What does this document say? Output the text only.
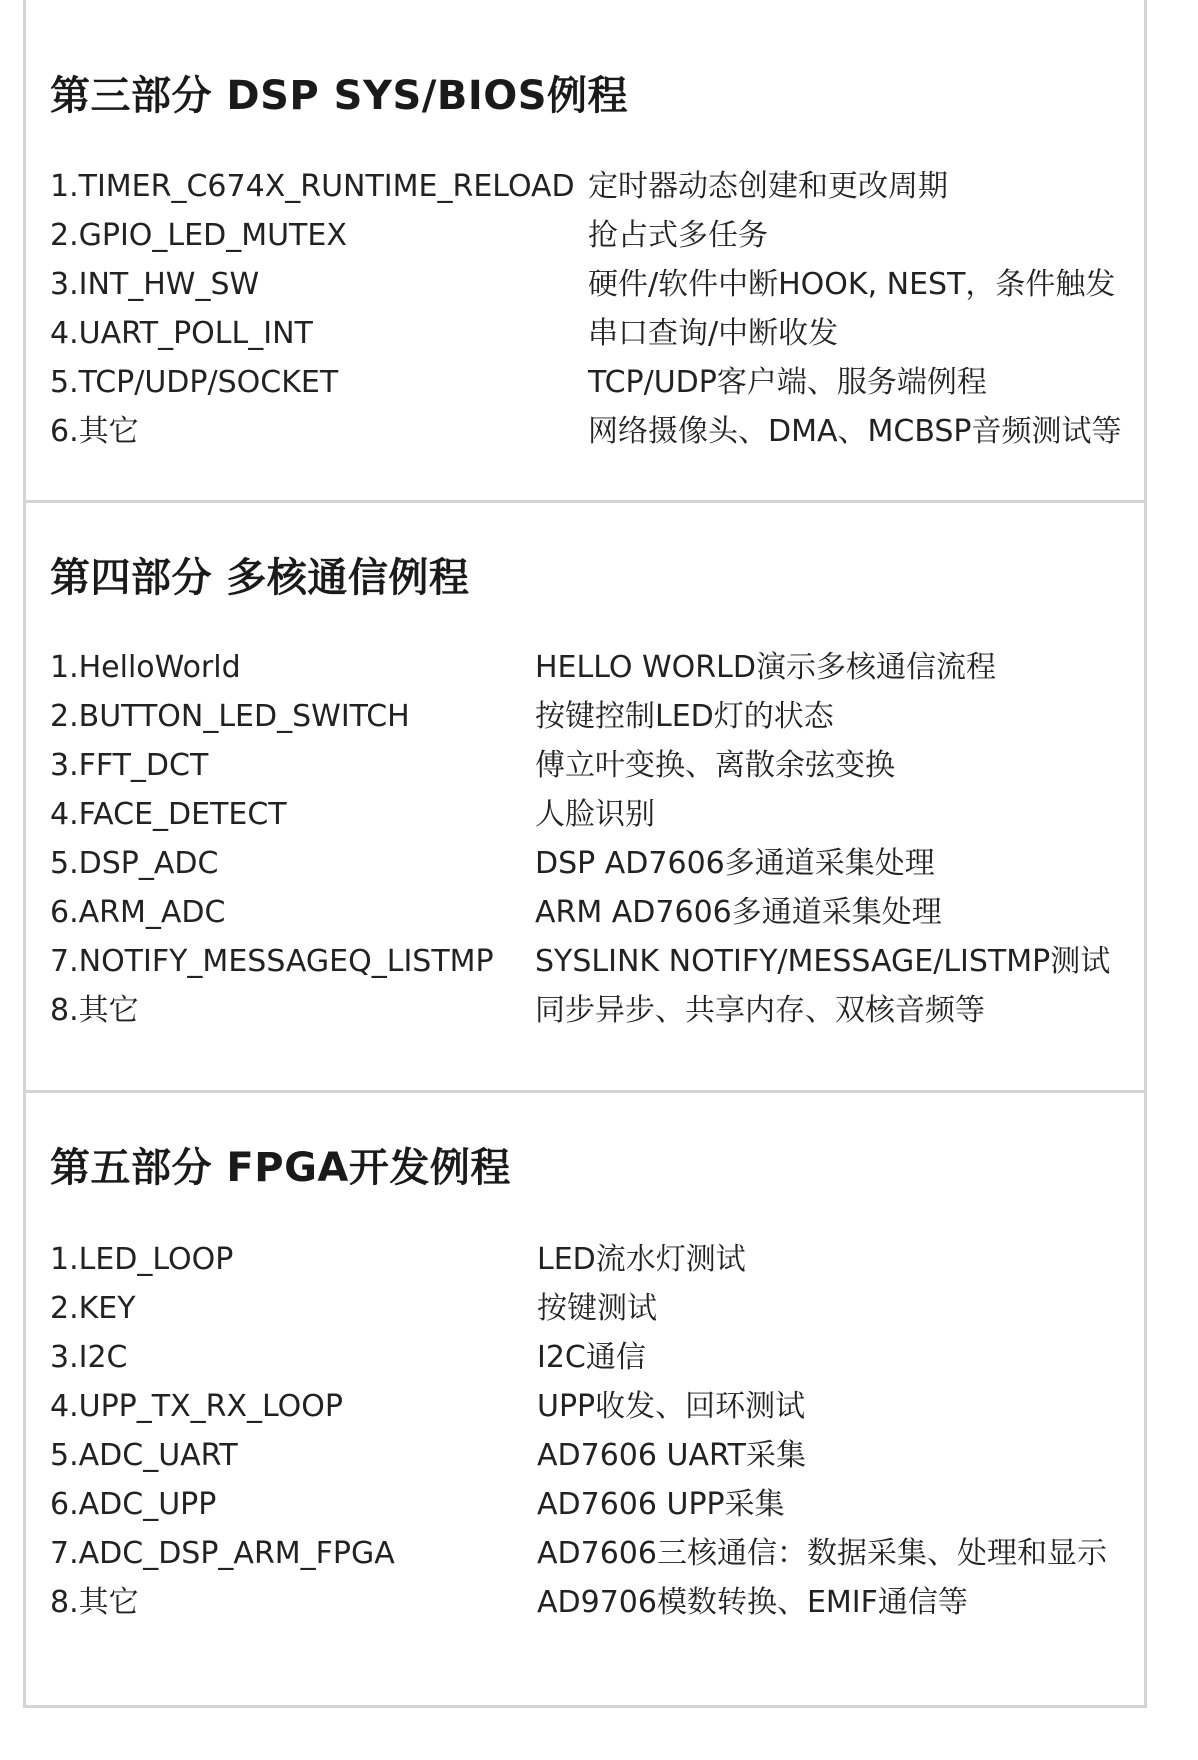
第三部分 DSP SYS/BIOS例程
1.TIMER_C674X_RUNTIME_RELOAD 定时器动态创建和更改周期
2.GPIO_LED_MUTEX	抢占式多任务
3.INT_HW_SW	硬件/软件中断HOOK, NEST，条件触发
4.UART_POLL_INT	串口查询/中断收发
5.TCP/UDP/SOCKET	TCP/UDP客户端、服务端例程
6.其它	网络摄像头、DMA、MCBSP音频测试等
第四部分 多核通信例程
1.HelloWorld	HELLO WORLD演示多核通信流程
2.BUTTON_LED_SWITCH	按键控制LED灯的状态
3.FFT_DCT	傅立叶变换、离散余弦变换
4.FACE_DETECT	人脸识别
5.DSP_ADC	DSP AD7606多通道采集处理
6.ARM_ADC	ARM AD7606多通道采集处理
7.NOTIFY_MESSAGEQ_LISTMP SYSLINK NOTIFY/MESSAGE/LISTMP测试
8.其它	同步异步、共享内存、双核音频等
第五部分 FPGA开发例程
1.LED_LOOP	LED流水灯测试
2.KEY	按键测试
3.I2C	I2C通信
4.UPP_TX_RX_LOOP	UPP收发、回环测试
5.ADC_UART	AD7606 UART采集
6.ADC_UPP	AD7606 UPP采集
7.ADC_DSP_ARM_FPGA	AD7606三核通信：数据采集、处理和显示
8.其它	AD9706模数转换、EMIF通信等
